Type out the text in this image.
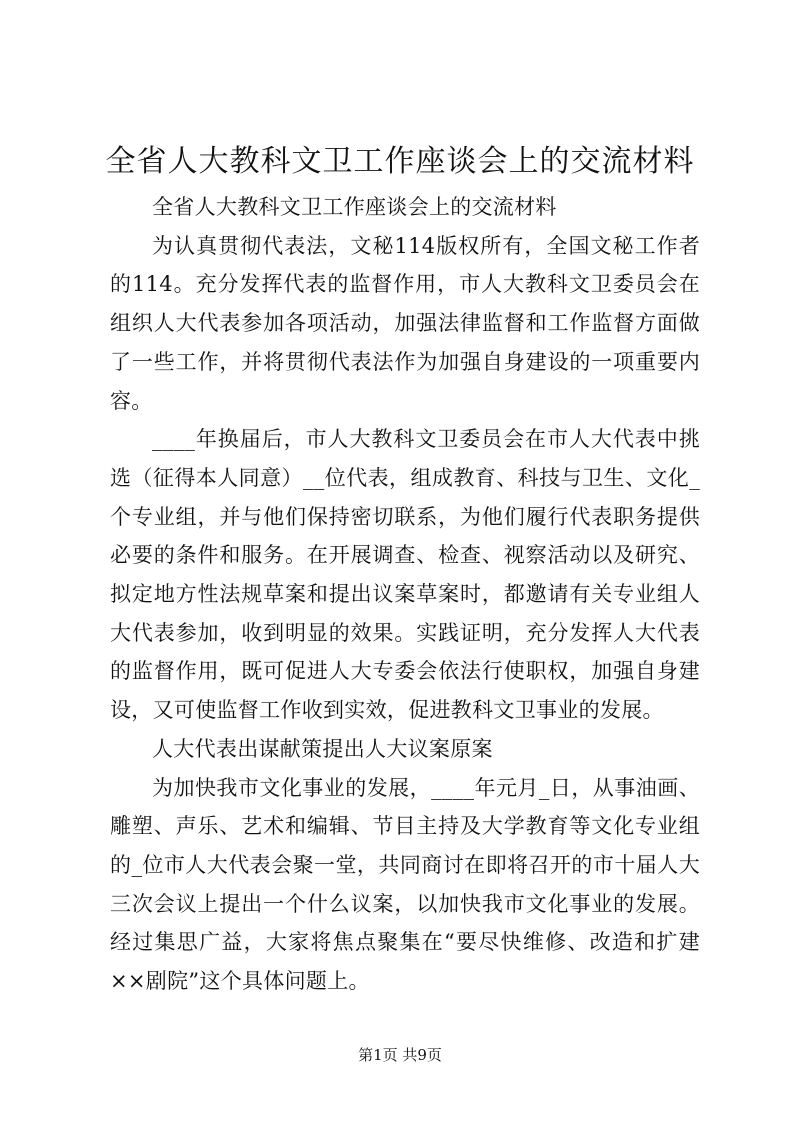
全省人大教科文卫工作座谈会上的交流材料

全省人大教科文卫工作座谈会上的交流材料

为认真贯彻代表法，文秘114版权所有，全国文秘工作者的114。充分发挥代表的监督作用，市人大教科文卫委员会在组织人大代表参加各项活动，加强法律监督和工作监督方面做了一些工作，并将贯彻代表法作为加强自身建设的一项重要内容。

____年换届后，市人大教科文卫委员会在市人大代表中挑选（征得本人同意）__位代表，组成教育、科技与卫生、文化_个专业组，并与他们保持密切联系，为他们履行代表职务提供必要的条件和服务。在开展调查、检查、视察活动以及研究、拟定地方性法规草案和提出议案草案时，都邀请有关专业组人大代表参加，收到明显的效果。实践证明，充分发挥人大代表的监督作用，既可促进人大专委会依法行使职权，加强自身建设，又可使监督工作收到实效，促进教科文卫事业的发展。

人大代表出谋献策提出人大议案原案

为加快我市文化事业的发展，____年元月_日，从事油画、雕塑、声乐、艺术和编辑、节目主持及大学教育等文化专业组的_位市人大代表会聚一堂，共同商讨在即将召开的市十届人大三次会议上提出一个什么议案，以加快我市文化事业的发展。经过集思广益，大家将焦点聚集在“要尽快维修、改造和扩建××剧院”这个具体问题上。

第1页 共9页
